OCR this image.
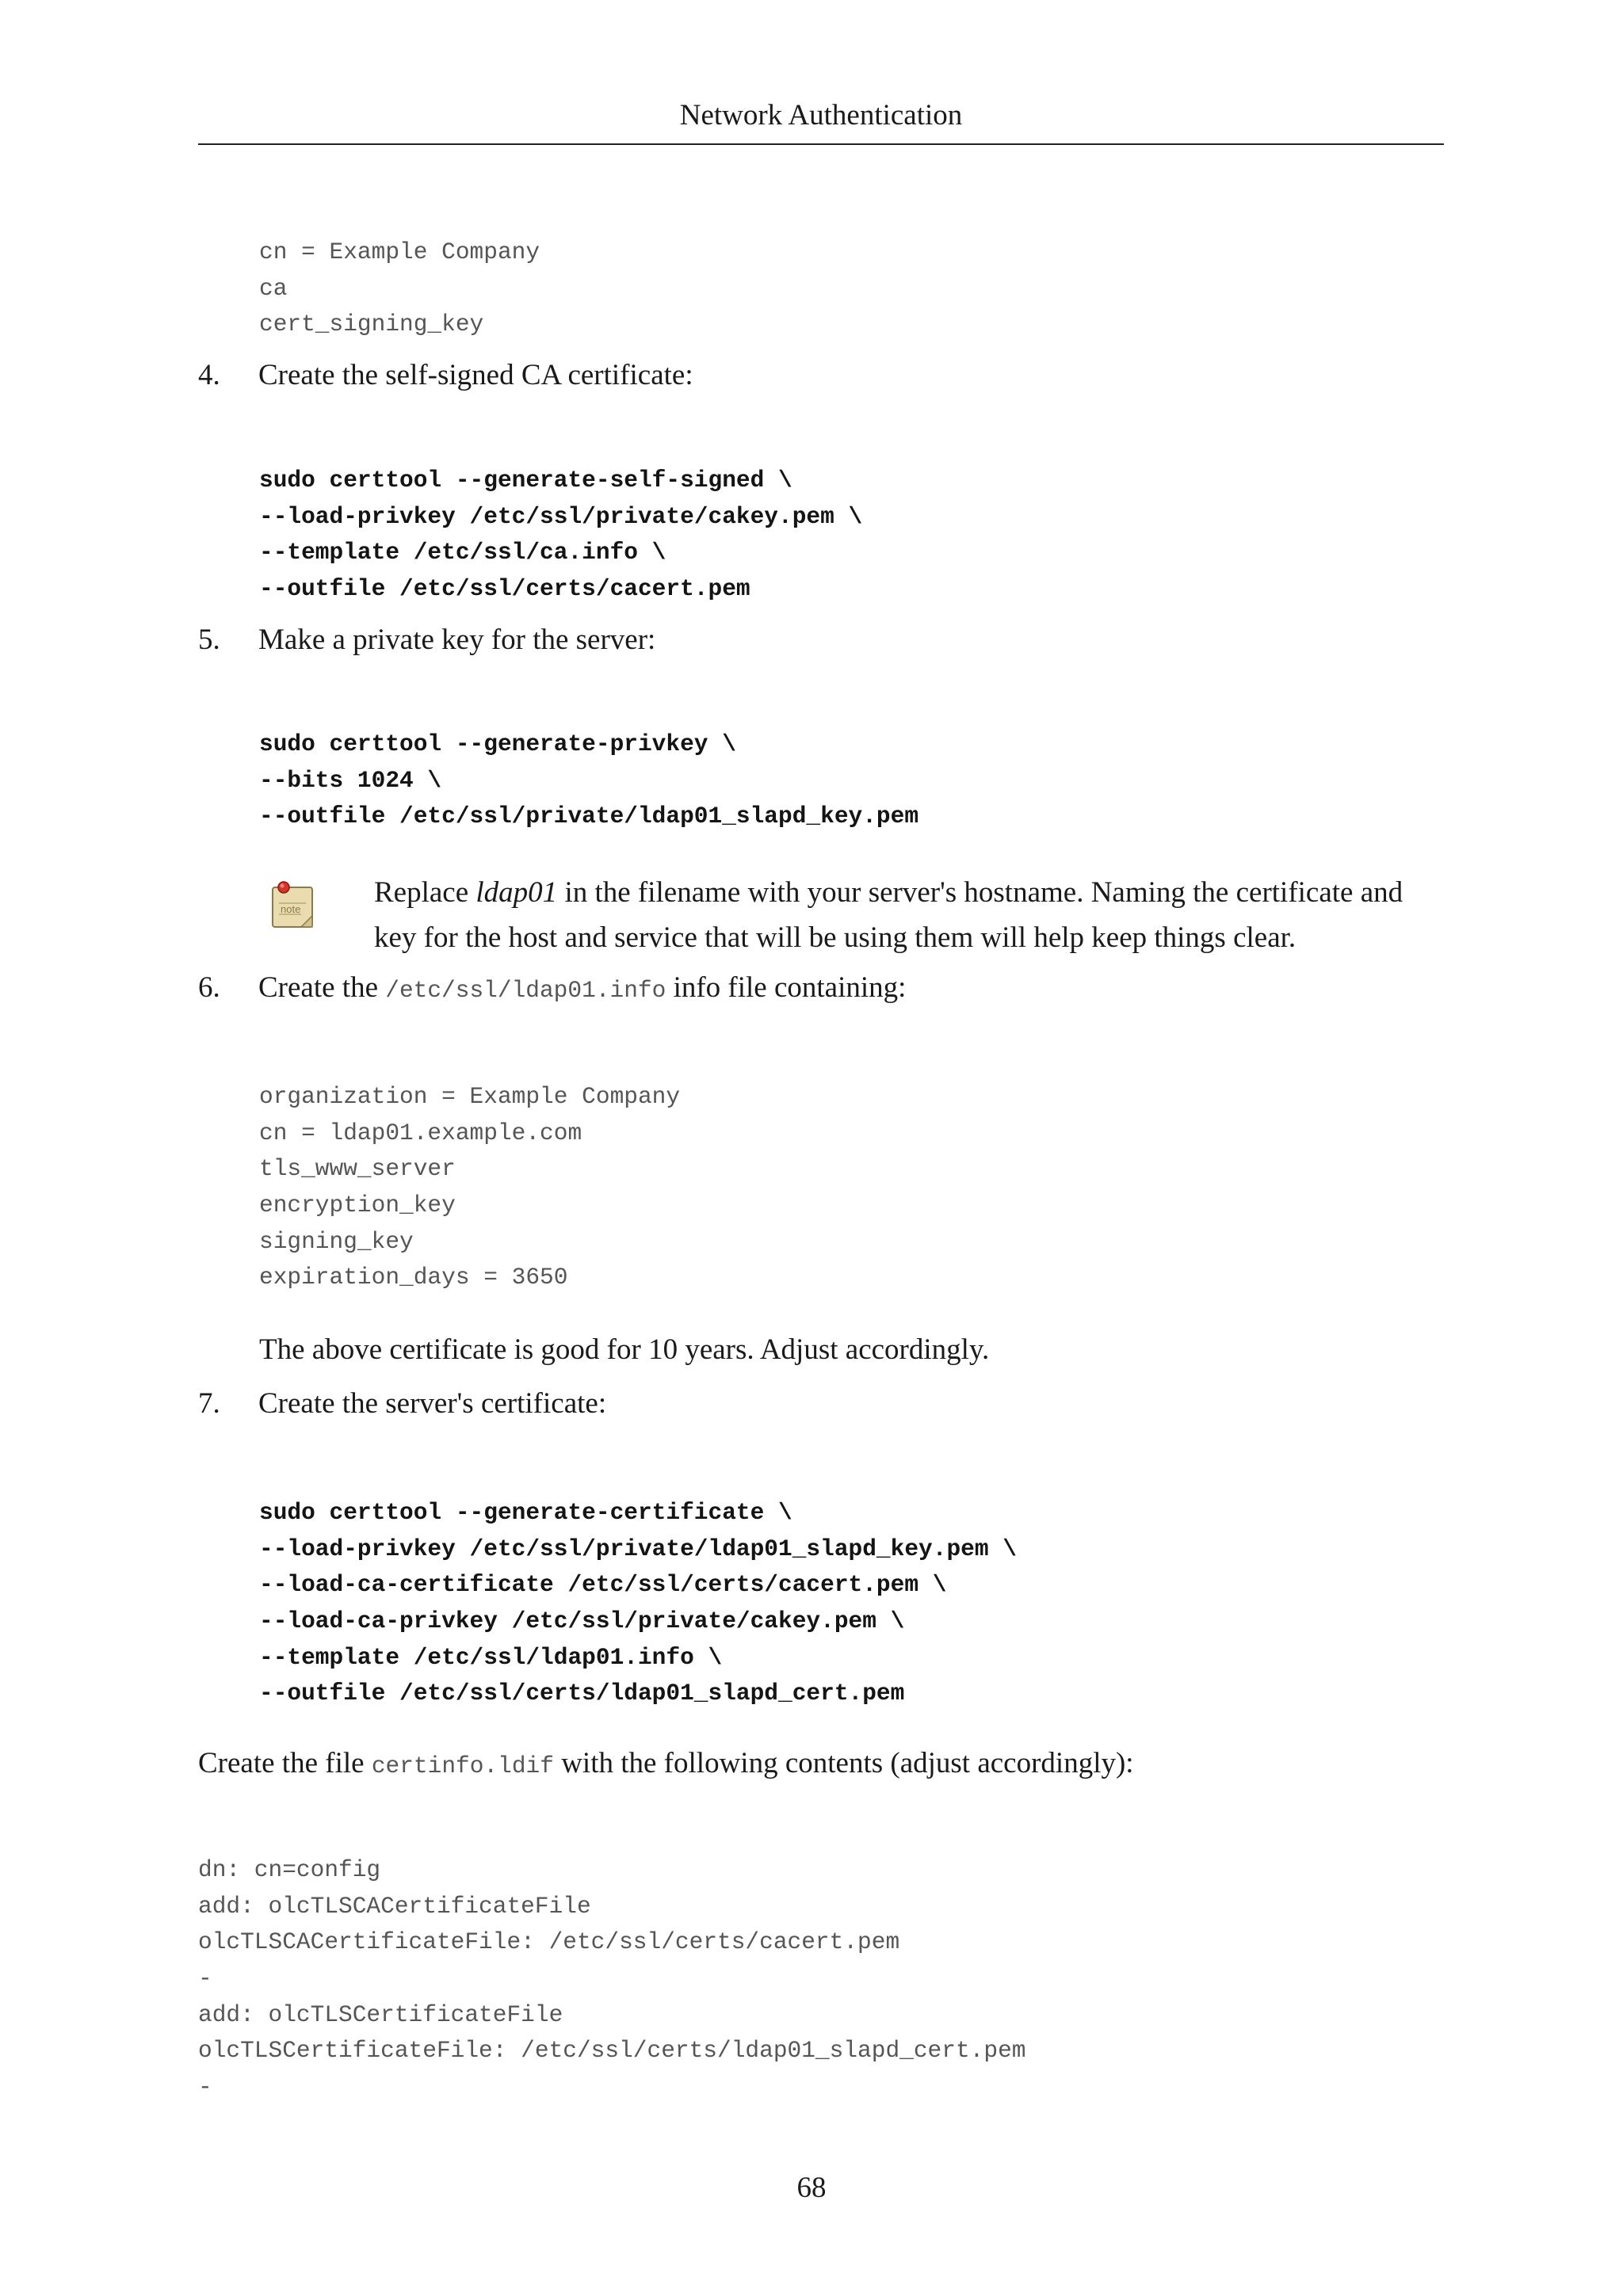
Network Authentication
cn = Example Company
ca
cert_signing_key
4. Create the self-signed CA certificate:
sudo certtool --generate-self-signed \
--load-privkey /etc/ssl/private/cakey.pem \
--template /etc/ssl/ca.info \
--outfile /etc/ssl/certs/cacert.pem
5. Make a private key for the server:
sudo certtool --generate-privkey \
--bits 1024 \
--outfile /etc/ssl/private/ldap01_slapd_key.pem
note
Replace ldap01 in the filename with your server's hostname. Naming the certificate and key for the host and service that will be using them will help keep things clear.
6. Create the /etc/ssl/ldap01.info info file containing:
organization = Example Company
cn = ldap01.example.com
tls_www_server
encryption_key
signing_key
expiration_days = 3650
The above certificate is good for 10 years. Adjust accordingly.
7. Create the server's certificate:
sudo certtool --generate-certificate \
--load-privkey /etc/ssl/private/ldap01_slapd_key.pem \
--load-ca-certificate /etc/ssl/certs/cacert.pem \
--load-ca-privkey /etc/ssl/private/cakey.pem \
--template /etc/ssl/ldap01.info \
--outfile /etc/ssl/certs/ldap01_slapd_cert.pem
Create the file certinfo.ldif with the following contents (adjust accordingly):
dn: cn=config
add: olcTLSCACertificateFile
olcTLSCACertificateFile: /etc/ssl/certs/cacert.pem
-
add: olcTLSCertificateFile
olcTLSCertificateFile: /etc/ssl/certs/ldap01_slapd_cert.pem
-
68
